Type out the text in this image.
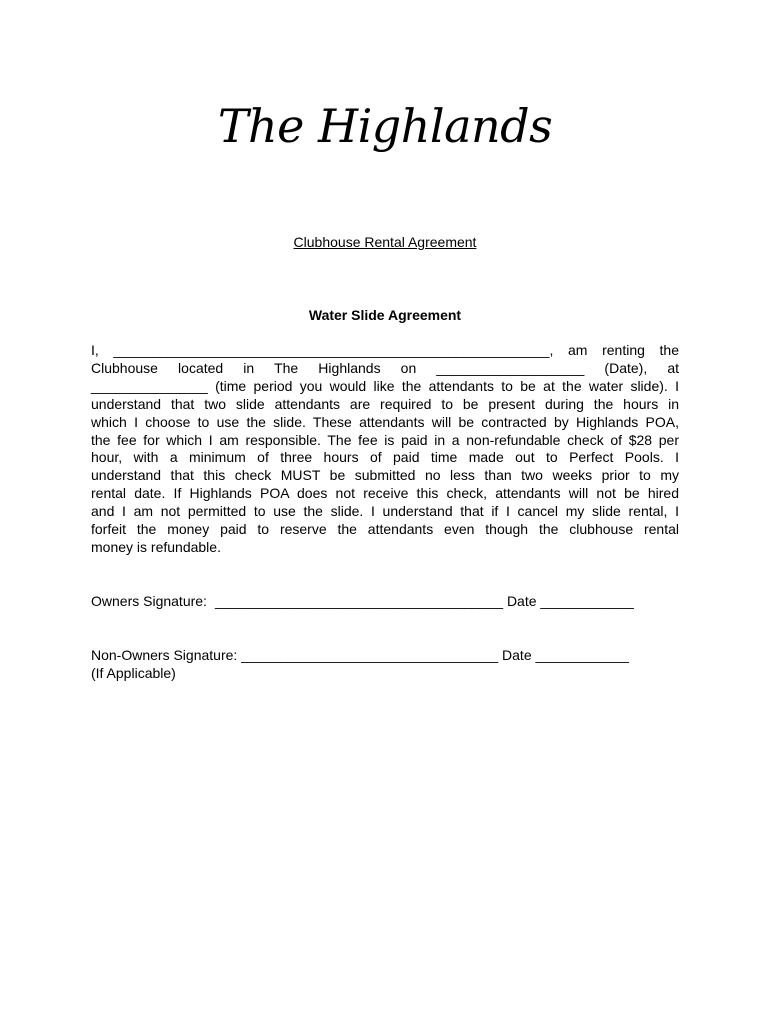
The Highlands
Clubhouse Rental Agreement
Water Slide Agreement
I, ________________________________________________________, am renting the
Clubhouse located in The Highlands on ___________________ (Date), at
_______________ (time period you would like the attendants to be at the water slide). I
understand that two slide attendants are required to be present during the hours in
which I choose to use the slide. These attendants will be contracted by Highlands POA,
the fee for which I am responsible. The fee is paid in a non-refundable check of $28 per
hour, with a minimum of three hours of paid time made out to Perfect Pools. I
understand that this check MUST be submitted no less than two weeks prior to my
rental date. If Highlands POA does not receive this check, attendants will not be hired
and I am not permitted to use the slide. I understand that if I cancel my slide rental, I
forfeit the money paid to reserve the attendants even though the clubhouse rental
money is refundable.
Owners Signature: _____________________________________ Date ____________
Non-Owners Signature: _________________________________ Date ____________
(If Applicable)
